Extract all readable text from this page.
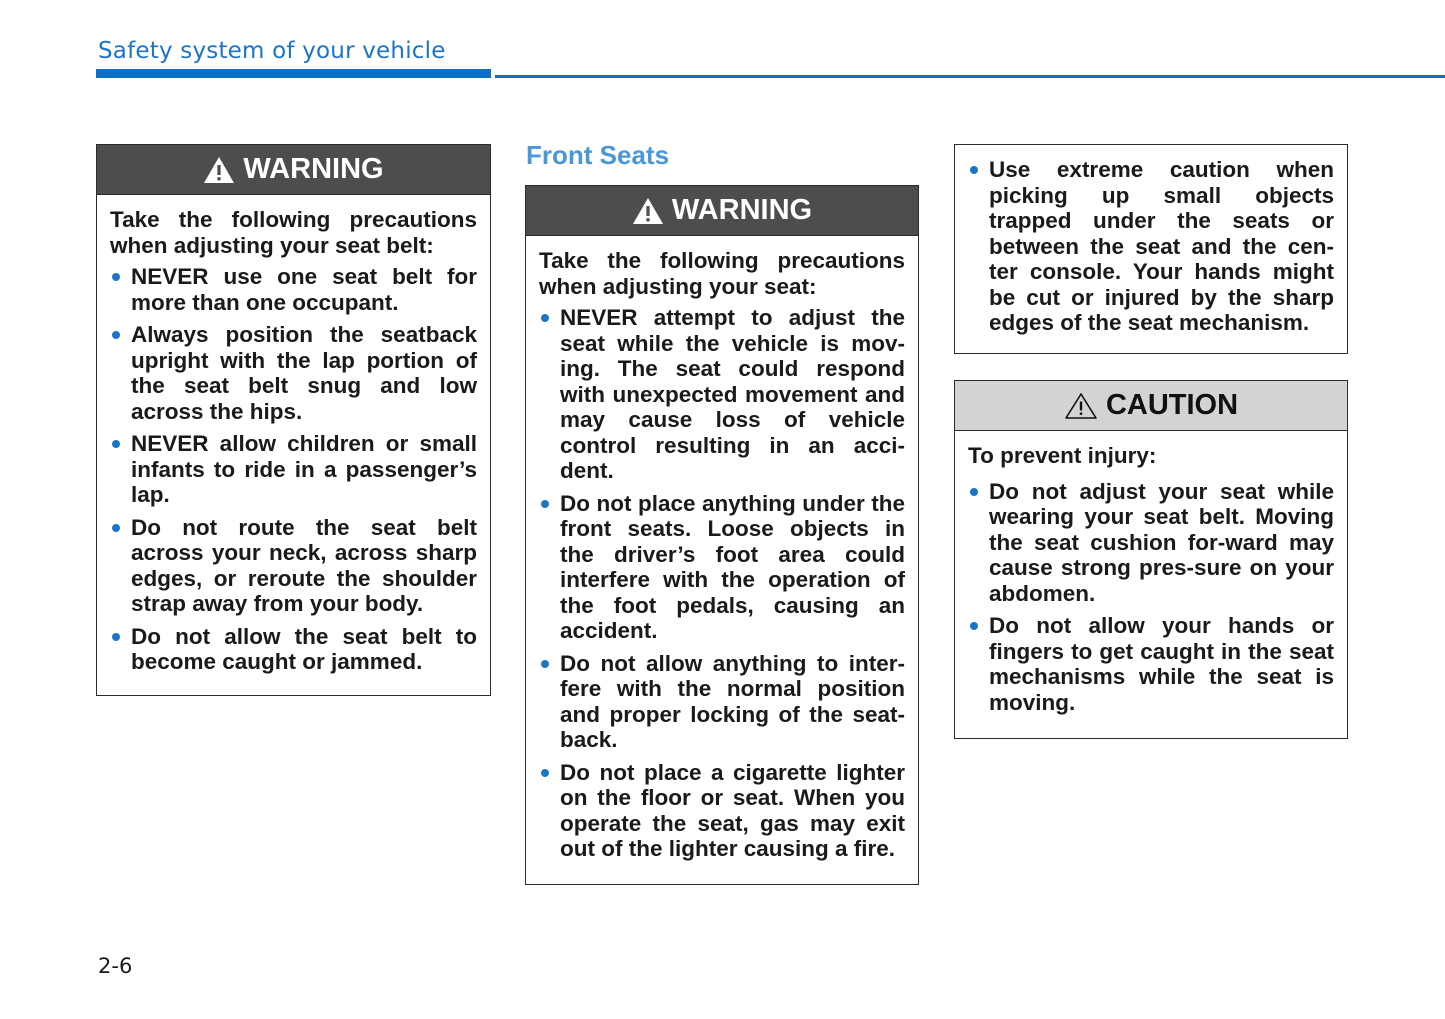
Safety system of your vehicle
WARNING
Take the following precautions when adjusting your seat belt:
NEVER use one seat belt for more than one occupant.
Always position the seatback upright with the lap portion of the seat belt snug and low across the hips.
NEVER allow children or small infants to ride in a passenger’s lap.
Do not route the seat belt across your neck, across sharp edges, or reroute the shoulder strap away from your body.
Do not allow the seat belt to become caught or jammed.
Front Seats
WARNING
Take the following precautions when adjusting your seat:
NEVER attempt to adjust the seat while the vehicle is mov-ing. The seat could respond with unexpected movement and may cause loss of vehicle control resulting in an acci-dent.
Do not place anything under the front seats. Loose objects in the driver’s foot area could interfere with the operation of the foot pedals, causing an accident.
Do not allow anything to inter-fere with the normal position and proper locking of the seat-back.
Do not place a cigarette lighter on the floor or seat. When you operate the seat, gas may exit out of the lighter causing a fire.
Use extreme caution when picking up small objects trapped under the seats or between the seat and the cen-ter console. Your hands might be cut or injured by the sharp edges of the seat mechanism.
CAUTION
To prevent injury:
Do not adjust your seat while wearing your seat belt. Moving the seat cushion for-ward may cause strong pres-sure on your abdomen.
Do not allow your hands or fingers to get caught in the seat mechanisms while the seat is moving.
2-6
